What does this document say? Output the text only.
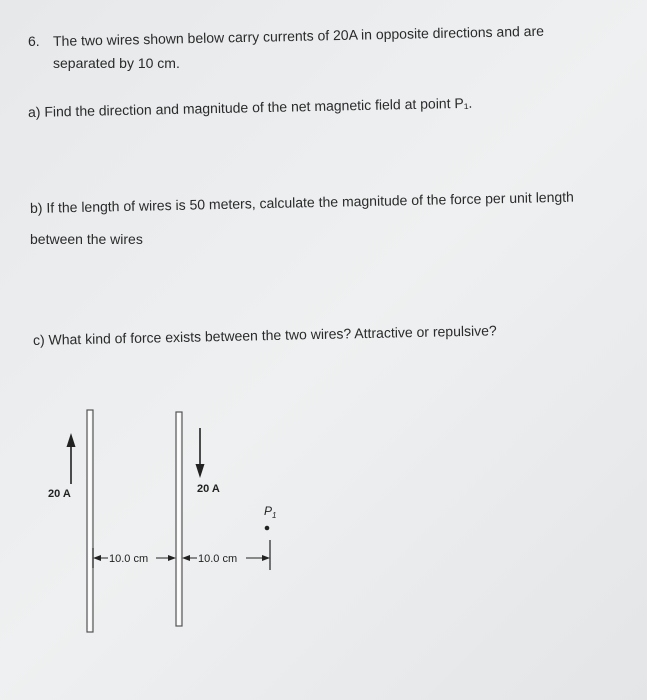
6. The two wires shown below carry currents of 20A in opposite directions and are

separated by 10 cm.

a) Find the direction and magnitude of the net magnetic field at point P₁.

b) If the length of wires is 50 meters, calculate the magnitude of the force per unit length

between the wires

c) What kind of force exists between the two wires? Attractive or repulsive?

20 A	20 A
$P_1$
10.0 cm	10.0 cm
